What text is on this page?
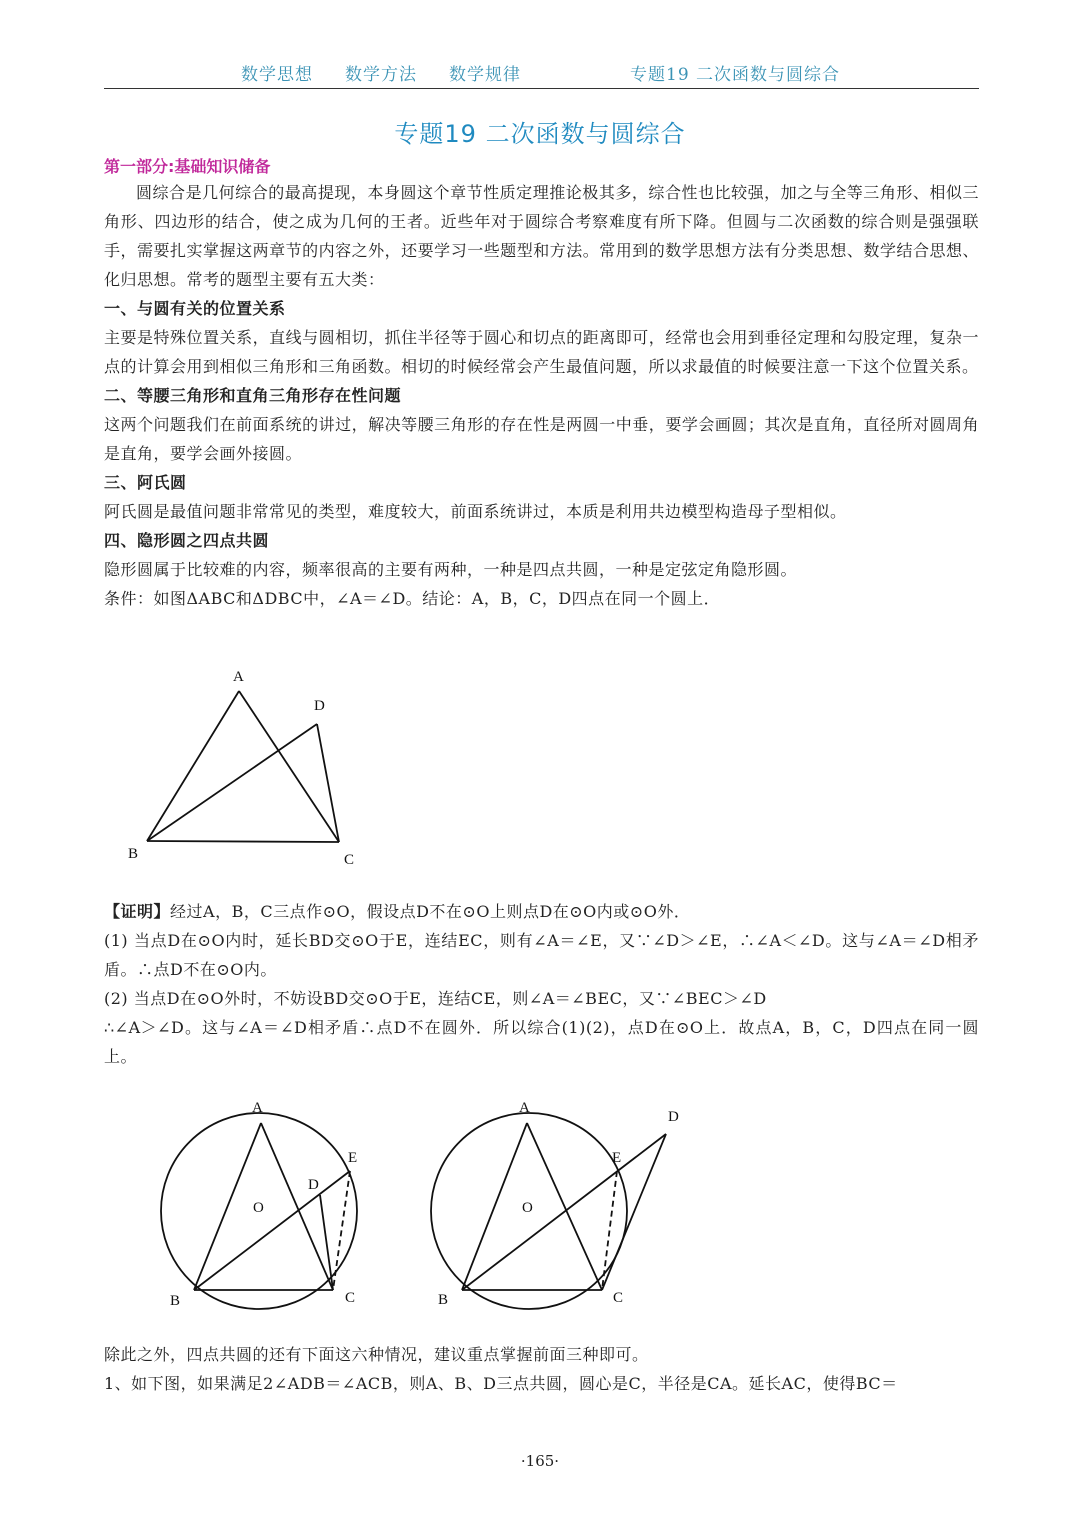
数学思想 数学方法 数学规律	专题19 二次函数与圆综合
专题19 二次函数与圆综合
第一部分:基础知识储备

圆综合是几何综合的最高提现，本身圆这个章节性质定理推论极其多，综合性也比较强，加之与全等三角形、相似三角形、四边形的结合，使之成为几何的王者。近些年对于圆综合考察难度有所下降。但圆与二次函数的综合则是强强联手，需要扎实掌握这两章节的内容之外，还要学习一些题型和方法。常用到的数学思想方法有分类思想、数学结合思想、化归思想。常考的题型主要有五大类：

一、与圆有关的位置关系

主要是特殊位置关系，直线与圆相切，抓住半径等于圆心和切点的距离即可，经常也会用到垂径定理和勾股定理，复杂一点的计算会用到相似三角形和三角函数。相切的时候经常会产生最值问题，所以求最值的时候要注意一下这个位置关系。

二、等腰三角形和直角三角形存在性问题

这两个问题我们在前面系统的讲过，解决等腰三角形的存在性是两圆一中垂，要学会画圆；其次是直角，直径所对圆周角是直角，要学会画外接圆。

三、阿氏圆

阿氏圆是最值问题非常常见的类型，难度较大，前面系统讲过，本质是利用共边模型构造母子型相似。

四、隐形圆之四点共圆

隐形圆属于比较难的内容，频率很高的主要有两种，一种是四点共圆，一种是定弦定角隐形圆。

条件：如图ΔABC和ΔDBC中，∠A＝∠D。结论：A，B，C，D四点在同一个圆上．

A
D
B	C

【证明】经过A，B，C三点作⊙O，假设点D不在⊙O上则点D在⊙O内或⊙O外．

(1) 当点D在⊙O内时，延长BD交⊙O于E，连结EC，则有∠A＝∠E，又∵∠D＞∠E，∴∠A＜∠D。这与∠A＝∠D相矛盾。∴点D不在⊙O内。

(2) 当点D在⊙O外时，不妨设BD交⊙O于E，连结CE，则∠A＝∠BEC，又∵∠BEC＞∠D

∴∠A＞∠D。这与∠A＝∠D相矛盾∴点D不在圆外．所以综合(1)(2)，点D在⊙O上．故点A，B，C，D四点在同一圆上。

A
O
D
E
B	C
A
O
E
D
B	C

除此之外，四点共圆的还有下面这六种情况，建议重点掌握前面三种即可。

1、如下图，如果满足2∠ADB＝∠ACB，则A、B、D三点共圆，圆心是C，半径是CA。延长AC，使得BC＝

·165·
